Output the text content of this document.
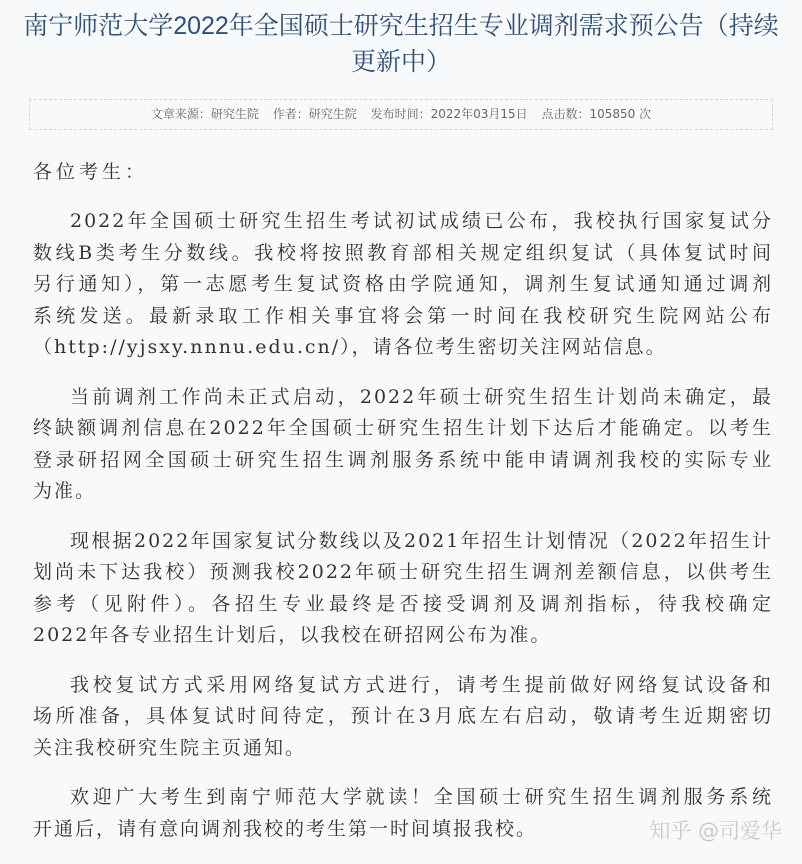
南宁师范大学2022年全国硕士研究生招生专业调剂需求预公告（持续更新中）
文章来源：研究生院 作者：研究生院 发布时间：2022年03月15日 点击数：105850 次
各位考生：
2022年全国硕士研究生招生考试初试成绩已公布，我校执行国家复试分
数线B类考生分数线。我校将按照教育部相关规定组织复试（具体复试时间
另行通知），第一志愿考生复试资格由学院通知，调剂生复试通知通过调剂
系统发送。最新录取工作相关事宜将会第一时间在我校研究生院网站公布
（http://yjsxy.nnnu.edu.cn/），请各位考生密切关注网站信息。
当前调剂工作尚未正式启动，2022年硕士研究生招生计划尚未确定，最
终缺额调剂信息在2022年全国硕士研究生招生计划下达后才能确定。以考生
登录研招网全国硕士研究生招生调剂服务系统中能申请调剂我校的实际专业
为准。
现根据2022年国家复试分数线以及2021年招生计划情况（2022年招生计
划尚未下达我校）预测我校2022年硕士研究生招生调剂差额信息，以供考生
参考（见附件）。各招生专业最终是否接受调剂及调剂指标，待我校确定
2022年各专业招生计划后，以我校在研招网公布为准。
我校复试方式采用网络复试方式进行，请考生提前做好网络复试设备和
场所准备，具体复试时间待定，预计在3月底左右启动，敬请考生近期密切
关注我校研究生院主页通知。
欢迎广大考生到南宁师范大学就读！全国硕士研究生招生调剂服务系统
开通后，请有意向调剂我校的考生第一时间填报我校。	知乎 @司爱华
